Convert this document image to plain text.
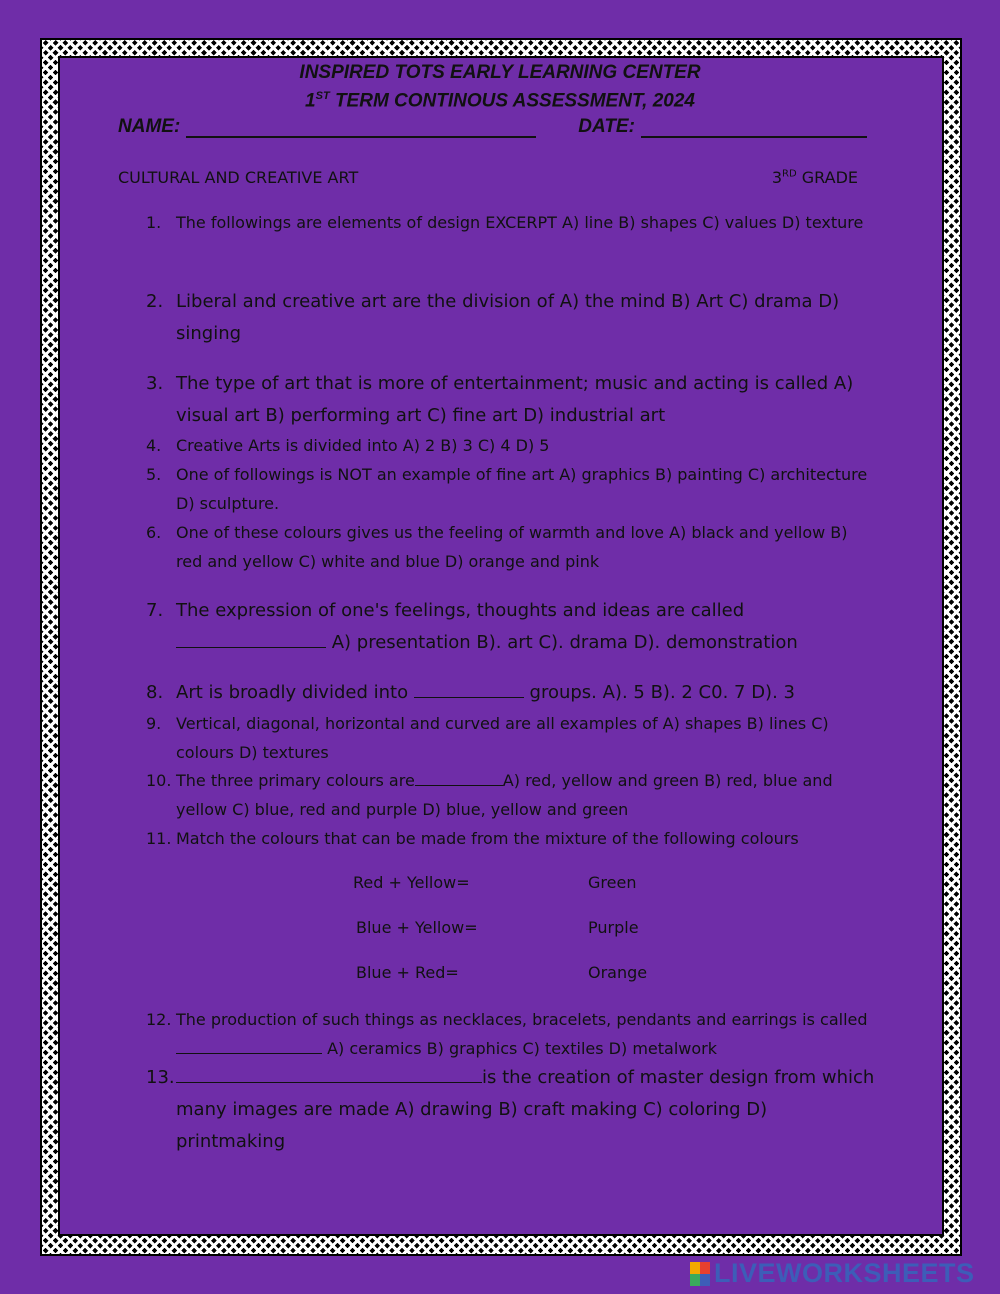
INSPIRED TOTS EARLY LEARNING CENTER
1ST TERM CONTINOUS ASSESSMENT, 2024
NAME:	DATE:
CULTURAL AND CREATIVE ART	3RD GRADE
1. The followings are elements of design EXCERPT A) line B) shapes C) values D) texture
2. Liberal and creative art are the division of A) the mind B) Art C) drama D) singing
3. The type of art that is more of entertainment; music and acting is called A) visual art B) performing art C) fine art D) industrial art
4. Creative Arts is divided into A) 2 B) 3 C) 4 D) 5
5. One of followings is NOT an example of fine art A) graphics B) painting C) architecture D) sculpture.
6. One of these colours gives us the feeling of warmth and love A) black and yellow B) red and yellow C) white and blue D) orange and pink
7. The expression of one's feelings, thoughts and ideas are called A) presentation B). art C). drama D). demonstration
8. Art is broadly divided into	groups. A). 5 B). 2 C0. 7 D). 3
9. Vertical, diagonal, horizontal and curved are all examples of A) shapes B) lines C) colours D) textures
10. The three primary colours are	A) red, yellow and green B) red, blue and yellow C) blue, red and purple D) blue, yellow and green
11. Match the colours that can be made from the mixture of the following colours
Red + Yellow=	Green
Blue + Yellow=	Purple
Blue + Red=	Orange
12. The production of such things as necklaces, bracelets, pendants and earrings is called A) ceramics B) graphics C) textiles D) metalwork
13.	is the creation of master design from which many images are made A) drawing B) craft making C) coloring D) printmaking
LIVEWORKSHEETS
